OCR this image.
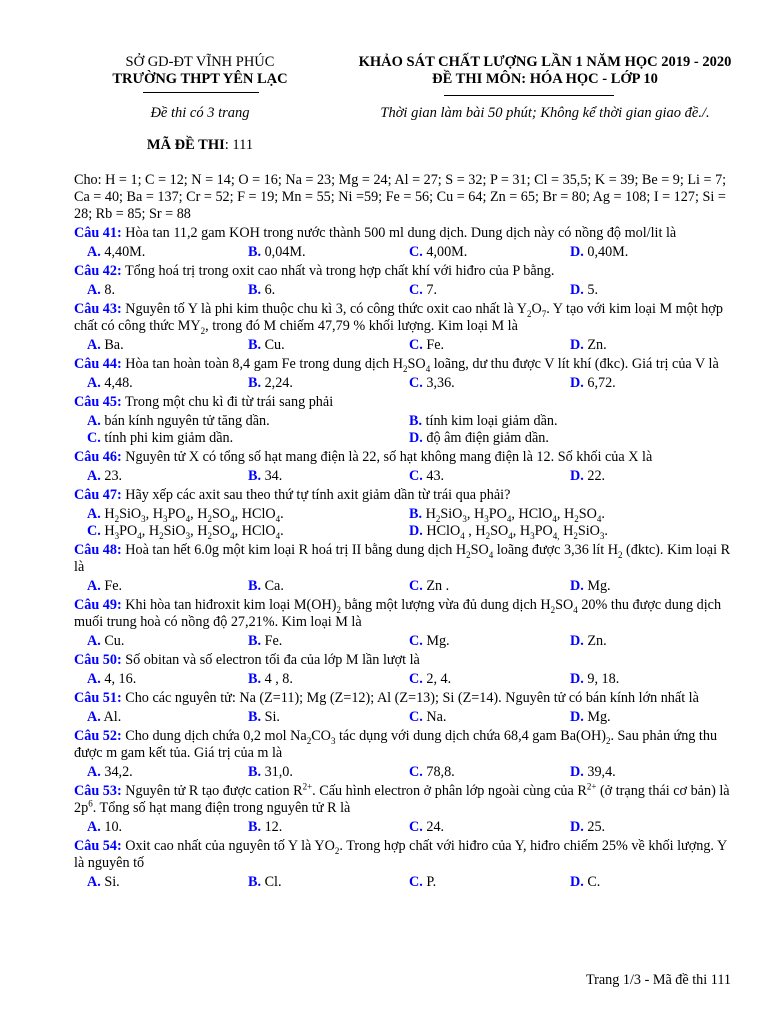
SỞ GD-ĐT VĨNH PHÚC
TRƯỜNG THPT YÊN LẠC
KHẢO SÁT CHẤT LƯỢNG LẦN 1 NĂM HỌC 2019 - 2020
ĐỀ THI MÔN: HÓA HỌC - LỚP 10
Đề thi có 3 trang	Thời gian làm bài 50 phút; Không kể thời gian giao đề./.
MÃ ĐỀ THI: 111
Cho: H = 1; C = 12; N = 14; O = 16; Na = 23; Mg = 24; Al = 27; S = 32; P = 31; Cl = 35,5; K = 39; Be = 9; Li = 7; Ca = 40; Ba = 137; Cr = 52; F = 19; Mn = 55; Ni =59; Fe = 56; Cu = 64; Zn = 65; Br = 80; Ag = 108; I = 127; Si = 28; Rb = 85; Sr = 88
Câu 41: Hòa tan 11,2 gam KOH trong nước thành 500 ml dung dịch. Dung dịch này có nồng độ mol/lit là
A. 4,40M.	B. 0,04M.	C. 4,00M.	D. 0,40M.
Câu 42: Tổng hoá trị trong oxit cao nhất và trong hợp chất khí với hiđro của P bằng.
A. 8.	B. 6.	C. 7.	D. 5.
Câu 43: Nguyên tố Y là phi kim thuộc chu kì 3, có công thức oxit cao nhất là $Y_2O_7$. Y tạo với kim loại M một hợp chất có công thức $MY_2$, trong đó M chiếm 47,79 % khối lượng. Kim loại M là
A. Ba.	B. Cu.	C. Fe.	D. Zn.
Câu 44: Hòa tan hoàn toàn 8,4 gam Fe trong dung dịch $H_2SO_4$ loãng, dư thu được V lít khí (đkc). Giá trị của V là
A. 4,48.	B. 2,24.	C. 3,36.	D. 6,72.
Câu 45: Trong một chu kì đi từ trái sang phải
A. bán kính nguyên tử tăng dần.	B. tính kim loại giảm dần.
C. tính phi kim giảm dần.	D. độ âm điện giảm dần.
Câu 46: Nguyên tử X có tổng số hạt mang điện là 22, số hạt không mang điện là 12. Số khối của X là
A. 23.	B. 34.	C. 43.	D. 22.
Câu 47: Hãy xếp các axit sau theo thứ tự tính axit giảm dần từ trái qua phải?
A. $H_2SiO_3$, $H_3PO_4$, $H_2SO_4$, HClO$_4$.	B. $H_2SiO_3$, $H_3PO_4$, HClO$_4$, $H_2SO_4$.
C. $H_3PO_4$, $H_2SiO_3$, $H_2SO_4$, HClO$_4$.	D. HClO$_4$ , $H_2SO_4$, $H_3PO_{4,}$ $H_2SiO_3$.
Câu 48: Hoà tan hết 6.0g một kim loại R hoá trị II bằng dung dịch $H_2SO_4$ loãng được 3,36 lít $H_2$ (đktc). Kim loại R là
A. Fe.	B. Ca.	C. Zn .	D. Mg.
Câu 49: Khi hòa tan hiđroxit kim loại $M(OH)_2$ bằng một lượng vừa đủ dung dịch $H_2SO_4$ 20% thu được dung dịch muối trung hoà có nồng độ 27,21%. Kim loại M là
A. Cu.	B. Fe.	C. Mg.	D. Zn.
Câu 50: Số obitan và số electron tối đa của lớp M lần lượt là
A. 4, 16.	B. 4 , 8.	C. 2, 4.	D. 9, 18.
Câu 51: Cho các nguyên tử: Na (Z=11); Mg (Z=12); Al (Z=13); Si (Z=14). Nguyên tử có bán kính lớn nhất là
A. Al.	B. Si.	C. Na.	D. Mg.
Câu 52: Cho dung dịch chứa 0,2 mol $Na_2CO_3$ tác dụng với dung dịch chứa 68,4 gam $Ba(OH)_2$. Sau phản ứng thu được m gam kết tủa. Giá trị của m là
A. 34,2.	B. 31,0.	C. 78,8.	D. 39,4.
Câu 53: Nguyên tử R tạo được cation $R^{2+}$. Cấu hình electron ở phân lớp ngoài cùng của $R^{2+}$ (ở trạng thái cơ bản) là $2p^6$. Tổng số hạt mang điện trong nguyên tử R là
A. 10.	B. 12.	C. 24.	D. 25.
Câu 54: Oxit cao nhất của nguyên tố Y là $YO_2$. Trong hợp chất với hiđro của Y, hiđro chiếm 25% về khối lượng. Y là nguyên tố
A. Si.	B. Cl.	C. P.	D. C.
Trang 1/3 - Mã đề thi 111
